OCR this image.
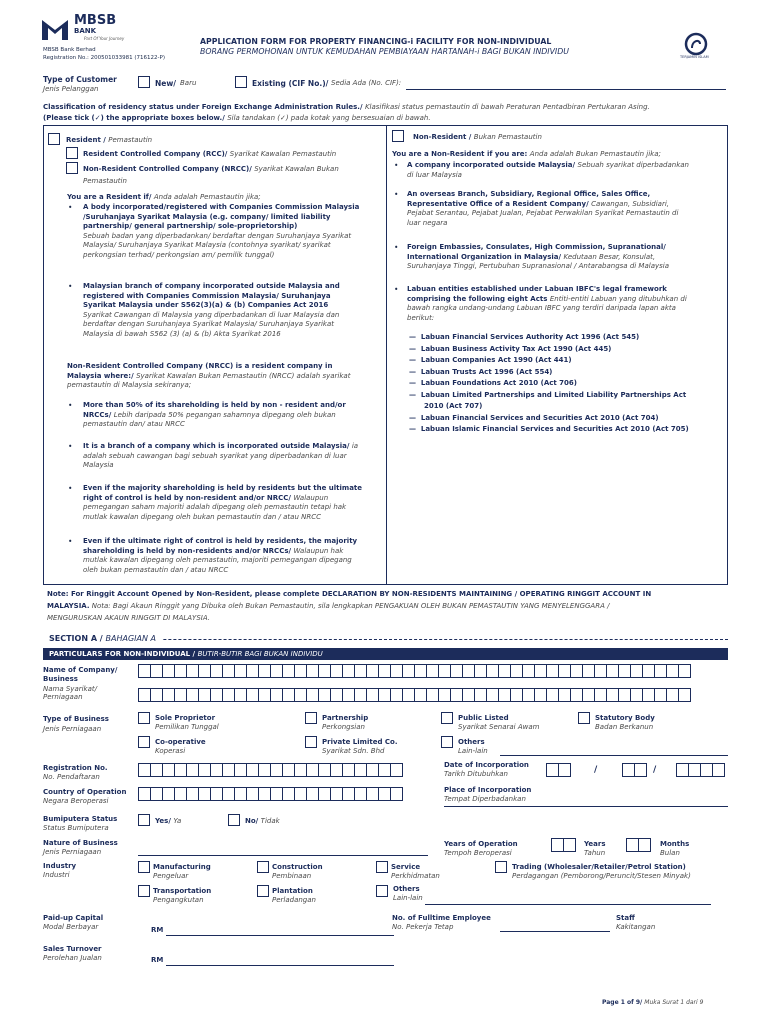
MBSB
BANK
Part Of Your Journey
MBSB Bank Berhad
Registration No.: 200501033981 (716122-P)
APPLICATION FORM FOR PROPERTY FINANCING-i FACILITY FOR NON-INDIVIDUAL
BORANG PERMOHONAN UNTUK KEMUDAHAN PEMBIAYAAN HARTANAH-i BAGI BUKAN INDIVIDU
TERJAMIN ISLAM
Type of Customer
Jenis Pelanggan
New/ Baru	Existing (CIF No.)/ Sedia Ada (No. CIF):
Classification of residency status under Foreign Exchange Administration Rules./ Klasifikasi status pemastautin di bawah Peraturan Pentadbiran Pertukaran Asing.
(Please tick (✓) the appropriate boxes below./ Sila tandakan (✓) pada kotak yang bersesuaian di bawah.
Resident / Pemastautin
Resident Controlled Company (RCC)/ Syarikat Kawalan Pemastautin
Non-Resident Controlled Company (NRCC)/ Syarikat Kawalan Bukan
Pemastautin
You are a Resident if/ Anda adalah Pemastautin jika;
• A body incorporated/registered with Companies Commission Malaysia
/Suruhanjaya Syarikat Malaysia (e.g. company/ limited liability
partnership/ general partnership/ sole-proprietorship)
Sebuah badan yang diperbadankan/ berdaftar dengan Suruhanjaya Syarikat
Malaysia/ Suruhanjaya Syarikat Malaysia (contohnya syarikat/ syarikat
perkongsian terhad/ perkongsian am/ pemilik tunggal)
• Malaysian branch of company incorporated outside Malaysia and
registered with Companies Commission Malaysia/ Suruhanjaya
Syarikat Malaysia under S562(3)(a) & (b) Companies Act 2016
Syarikat Cawangan di Malaysia yang diperbadankan di luar Malaysia dan
berdaftar dengan Suruhanjaya Syarikat Malaysia/ Suruhanjaya Syarikat
Malaysia di bawah S562 (3) (a) & (b) Akta Syarikat 2016
Non-Resident Controlled Company (NRCC) is a resident company in
Malaysia where:/ Syarikat Kawalan Bukan Pemastautin (NRCC) adalah syarikat
pemastautin di Malaysia sekiranya;
• More than 50% of its shareholding is held by non - resident and/or
NRCCs/ Lebih daripada 50% pegangan sahamnya dipegang oleh bukan
pemastautin dan/ atau NRCC
• It is a branch of a company which is incorporated outside Malaysia/ ia
adalah sebuah cawangan bagi sebuah syarikat yang diperbadankan di luar
Malaysia
• Even if the majority shareholding is held by residents but the ultimate
right of control is held by non-resident and/or NRCC/ Walaupun
pemegangan saham majoriti adalah dipegang oleh pemastautin tetapi hak
mutlak kawalan dipegang oleh bukan pemastautin dan / atau NRCC
• Even if the ultimate right of control is held by residents, the majority
shareholding is held by non-residents and/or NRCCs/ Walaupun hak
mutlak kawalan dipegang oleh pemastautin, majoriti pemegangan dipegang
oleh bukan pemastautin dan / atau NRCC
Non-Resident / Bukan Pemastautin
You are a Non-Resident if you are: Anda adalah Bukan Pemastautin jika;
• A company incorporated outside Malaysia/ Sebuah syarikat diperbadankan
di luar Malaysia
• An overseas Branch, Subsidiary, Regional Office, Sales Office,
Representative Office of a Resident Company/ Cawangan, Subsidiari,
Pejabat Serantau, Pejabat Jualan, Pejabat Perwakilan Syarikat Pemastautin di
luar negara
• Foreign Embassies, Consulates, High Commission, Supranational/
International Organization in Malaysia/ Kedutaan Besar, Konsulat,
Suruhanjaya Tinggi, Pertubuhan Supranasional / Antarabangsa di Malaysia
• Labuan entities established under Labuan IBFC's legal framework
comprising the following eight Acts Entiti-entiti Labuan yang ditubuhkan di
bawah rangka undang-undang Labuan IBFC yang terdiri daripada lapan akta
berikut:
— Labuan Financial Services Authority Act 1996 (Act 545)
— Labuan Business Activity Tax Act 1990 (Act 445)
— Labuan Companies Act 1990 (Act 441)
— Labuan Trusts Act 1996 (Act 554)
— Labuan Foundations Act 2010 (Act 706)
— Labuan Limited Partnerships and Limited Liability Partnerships Act
2010 (Act 707)
— Labuan Financial Services and Securities Act 2010 (Act 704)
— Labuan Islamic Financial Services and Securities Act 2010 (Act 705)
Note: For Ringgit Account Opened by Non-Resident, please complete DECLARATION BY NON-RESIDENTS MAINTAINING / OPERATING RINGGIT ACCOUNT IN
MALAYSIA. Nota: Bagi Akaun Ringgit yang Dibuka oleh Bukan Pemastautin, sila lengkapkan PENGAKUAN OLEH BUKAN PEMASTAUTIN YANG MENYELENGGARA /
MENGURUSKAN AKAUN RINGGIT DI MALAYSIA.
SECTION A / BAHAGIAN A
PARTICULARS FOR NON-INDIVIDUAL / BUTIR-BUTIR BAGI BUKAN INDIVIDU
Name of Company/
Business
Nama Syarikat/
Perniagaan
Type of Business
Jenis Perniagaan
Sole Proprietor
Pemilikan Tunggal
Partnership
Perkongsian
Public Listed
Syarikat Senarai Awam
Statutory Body
Badan Berkanun
Co-operative
Koperasi
Private Limited Co.
Syarikat Sdn. Bhd
Others
Lain-lain
Registration No.
No. Pendaftaran
Date of Incorporation
Tarikh Ditubuhkan	/	/
Country of Operation
Negara Beroperasi
Place of Incorporation
Tempat Diperbadankan
Bumiputera Status
Status Bumiputera
Yes/ Ya	No/ Tidak
Nature of Business
Jenis Perniagaan
Years of Operation
Tempoh Beroperasi
Years
Tahun
Months
Bulan
Industry
Industri
Manufacturing
Pengeluar
Construction
Pembinaan
Service
Perkhidmatan
Trading (Wholesaler/Retailer/Petrol Station)
Perdagangan (Pemborong/Peruncit/Stesen Minyak)
Transportation
Pengangkutan
Plantation
Perladangan
Others
Lain-lain
Paid-up Capital
Modal Berbayar	RM
No. of Fulltime Employee
No. Pekerja Tetap
Staff
Kakitangan
Sales Turnover
Perolehan Jualan	RM
Page 1 of 9/ Muka Surat 1 dari 9
